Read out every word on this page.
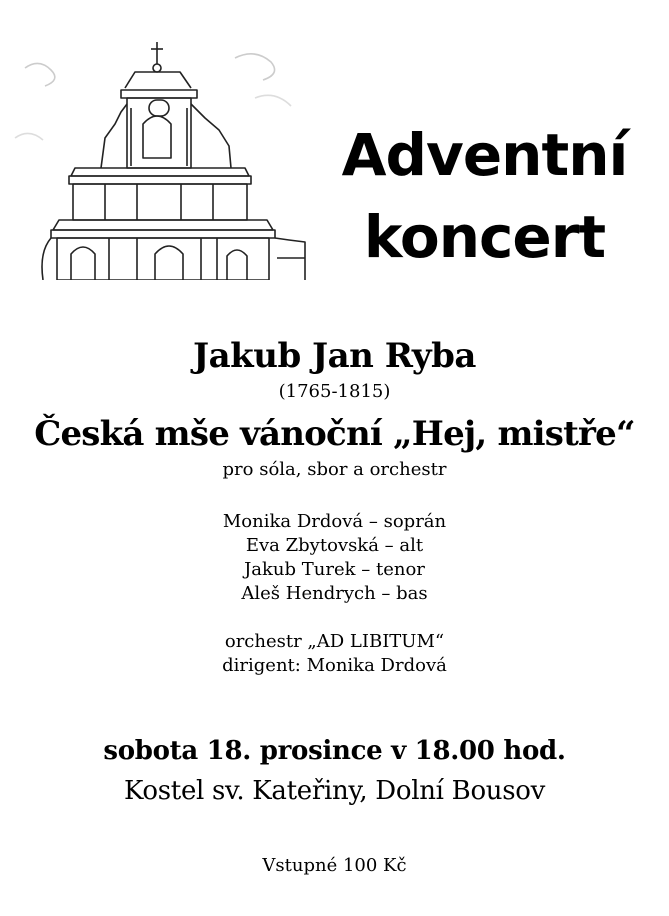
Adventní
koncert
Jakub Jan Ryba
(1765-1815)
Česká mše vánoční „Hej, mistře“
pro sóla, sbor a orchestr
Monika Drdová – soprán
Eva Zbytovská – alt
Jakub Turek – tenor
Aleš Hendrych – bas
orchestr „AD LIBITUM“
dirigent: Monika Drdová
sobota 18. prosince v 18.00 hod.
Kostel sv. Kateřiny, Dolní Bousov
Vstupné 100 Kč
